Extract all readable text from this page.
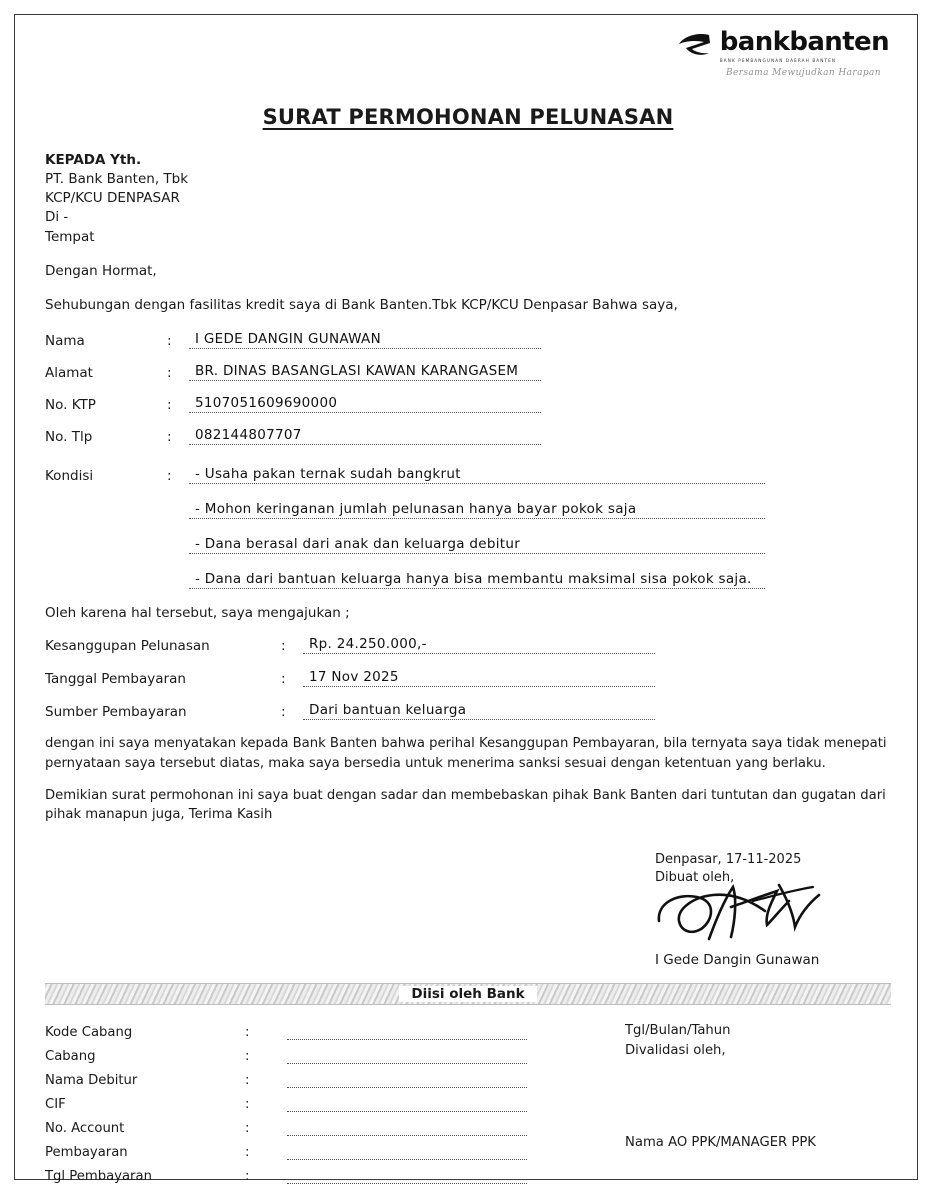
bankbanten
BANK PEMBANGUNAN DAERAH BANTEN
Bersama Mewujudkan Harapan
SURAT PERMOHONAN PELUNASAN
KEPADA Yth.
PT. Bank Banten, Tbk
KCP/KCU DENPASAR
Di -
Tempat
Dengan Hormat,
Sehubungan dengan fasilitas kredit saya di Bank Banten.Tbk KCP/KCU Denpasar Bahwa saya,
Nama	:	I GEDE DANGIN GUNAWAN
Alamat	:	BR. DINAS BASANGLASI KAWAN KARANGASEM
No. KTP	:	5107051609690000
No. Tlp	:	082144807707
Kondisi	:	- Usaha pakan ternak sudah bangkrut
- Mohon keringanan jumlah pelunasan hanya bayar pokok saja
- Dana berasal dari anak dan keluarga debitur
- Dana dari bantuan keluarga hanya bisa membantu maksimal sisa pokok saja.
Oleh karena hal tersebut, saya mengajukan ;
Kesanggupan Pelunasan	:	Rp. 24.250.000,-
Tanggal Pembayaran	:	17 Nov 2025
Sumber Pembayaran	:	Dari bantuan keluarga
dengan ini saya menyatakan kepada Bank Banten bahwa perihal Kesanggupan Pembayaran, bila ternyata saya tidak menepati pernyataan saya tersebut diatas, maka saya bersedia untuk menerima sanksi sesuai dengan ketentuan yang berlaku.
Demikian surat permohonan ini saya buat dengan sadar dan membebaskan pihak Bank Banten dari tuntutan dan gugatan dari pihak manapun juga, Terima Kasih
Denpasar, 17-11-2025
Dibuat oleh,
I Gede Dangin Gunawan
Diisi oleh Bank
Kode Cabang	:
Cabang	:
Nama Debitur	:
CIF	:
No. Account	:
Pembayaran	:
Tgl Pembayaran	:
Tgl/Bulan/Tahun
Divalidasi oleh,
Nama AO PPK/MANAGER PPK
